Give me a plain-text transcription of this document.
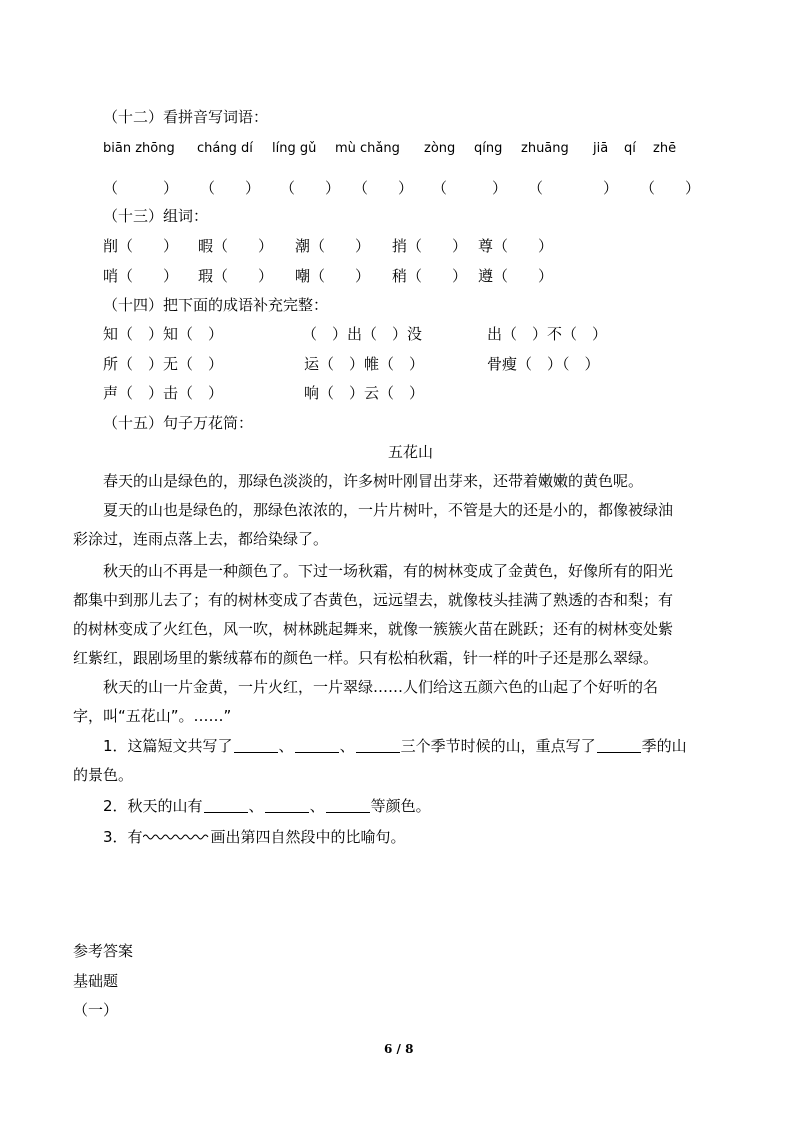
（十二）看拼音写词语：
biān zhōng cháng dí líng gǔ mù chǎng zòng qíng zhuāng jiā qí zhē
（　　　） （　　） （　　） （　　） （　　　） （　　　　） （　　）
（十三）组词：
削（　　） 暇（　　） 潮（　　） 捎（　　） 尊（　　）
哨（　　） 瑕（　　） 嘲（　　） 稍（　　） 遵（　　）
（十四）把下面的成语补充完整：
知（　）知（　）	（　）出（　）没	出（　）不（　）
所（　）无（　）	运（　）帷（　）	骨瘦（　）（　）
声（　）击（　）	响（　）云（　）
（十五）句子万花筒：
五花山
春天的山是绿色的，那绿色淡淡的，许多树叶刚冒出芽来，还带着嫩嫩的黄色呢。
夏天的山也是绿色的，那绿色浓浓的，一片片树叶，不管是大的还是小的，都像被绿油
彩涂过，连雨点落上去，都给染绿了。
秋天的山不再是一种颜色了。下过一场秋霜，有的树林变成了金黄色，好像所有的阳光
都集中到那儿去了；有的树林变成了杏黄色，远远望去，就像枝头挂满了熟透的杏和梨；有
的树林变成了火红色，风一吹，树林跳起舞来，就像一簇簇火苗在跳跃；还有的树林变处紫
红紫红，跟剧场里的紫绒幕布的颜色一样。只有松柏秋霜，针一样的叶子还是那么翠绿。
秋天的山一片金黄，一片火红，一片翠绿……人们给这五颜六色的山起了个好听的名
字，叫“五花山”。……”
1．这篇短文共写了	、	、	三个季节时候的山，重点写了	季的山
的景色。
2．秋天的山有	、	、	等颜色。
3．有	画出第四自然段中的比喻句。
参考答案
基础题
（一）
6 / 8
